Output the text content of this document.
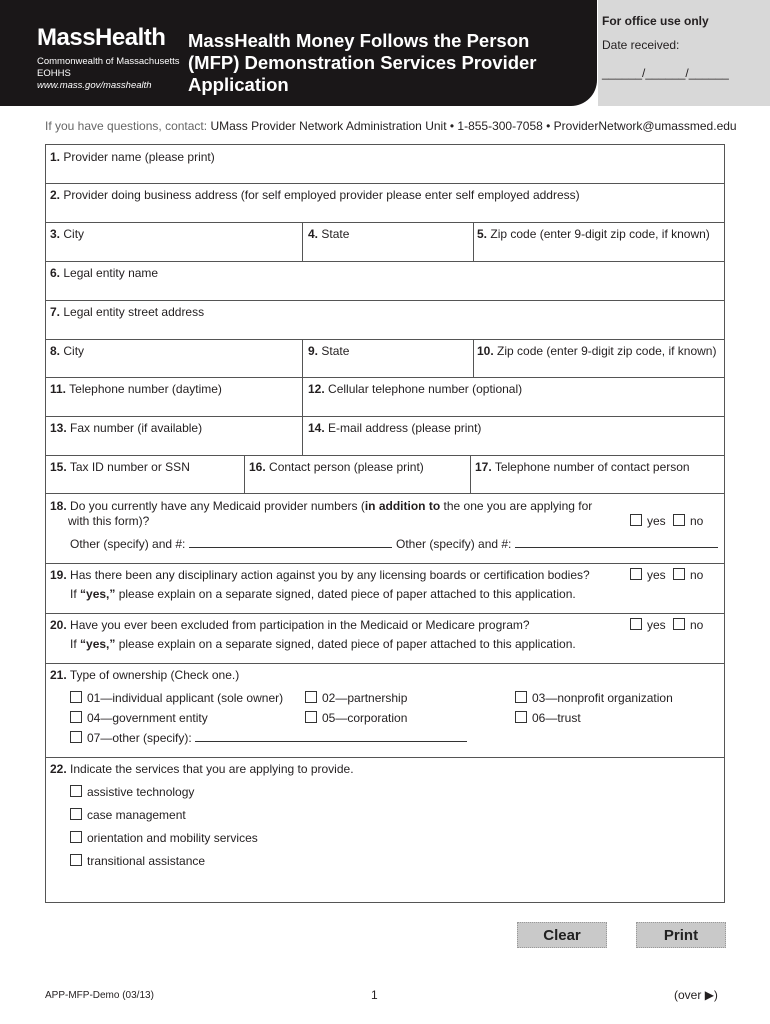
MassHealth
Commonwealth of Massachusetts
EOHHS
www.mass.gov/masshealth
MassHealth Money Follows the Person
(MFP) Demonstration Services Provider
Application
For office use only
Date received:
______/______/______
If you have questions, contact: UMass Provider Network Administration Unit • 1-855-300-7058 • ProviderNetwork@umassmed.edu
1. Provider name (please print)
2. Provider doing business address (for self employed provider please enter self employed address)
3. City	4. State	5. Zip code (enter 9-digit zip code, if known)
6. Legal entity name
7. Legal entity street address
8. City	9. State	10. Zip code (enter 9-digit zip code, if known)
11. Telephone number (daytime)	12. Cellular telephone number (optional)
13. Fax number (if available)	14. E-mail address (please print)
15. Tax ID number or SSN	16. Contact person (please print)	17. Telephone number of contact person
18. Do you currently have any Medicaid provider numbers (in addition to the one you are applying for
with this form)?	yes	no
Other (specify) and #:	Other (specify) and #:
19. Has there been any disciplinary action against you by any licensing boards or certification bodies?	yes	no
If “yes,” please explain on a separate signed, dated piece of paper attached to this application.
20. Have you ever been excluded from participation in the Medicaid or Medicare program?	yes	no
If “yes,” please explain on a separate signed, dated piece of paper attached to this application.
21. Type of ownership (Check one.)
01—individual applicant (sole owner)	02—partnership	03—nonprofit organization
04—government entity	05—corporation	06—trust
07—other (specify):
22. Indicate the services that you are applying to provide.
assistive technology
case management
orientation and mobility services
transitional assistance
Clear	Print
APP-MFP-Demo (03/13)	1	(over ▶)
